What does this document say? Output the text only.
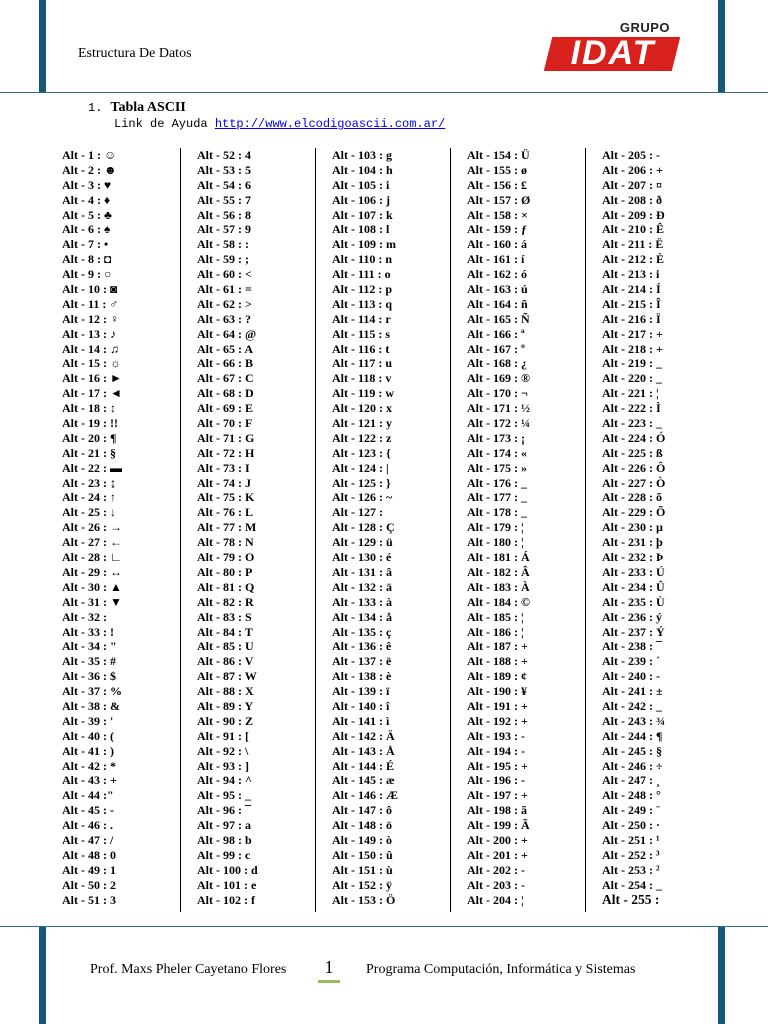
Estructura De Datos
GRUPO
IDAT
1. Tabla ASCII
Link de Ayuda http://www.elcodigoascii.com.ar/
Alt - 1 : ☺
Alt - 2 : ☻
Alt - 3 : ♥
Alt - 4 : ♦
Alt - 5 : ♣
Alt - 6 : ♠
Alt - 7 : •
Alt - 8 : ◘
Alt - 9 : ○
Alt - 10 : ◙
Alt - 11 : ♂
Alt - 12 : ♀
Alt - 13 : ♪
Alt - 14 : ♫
Alt - 15 : ☼
Alt - 16 : ►
Alt - 17 : ◄
Alt - 18 : ↕
Alt - 19 : !!
Alt - 20 : ¶
Alt - 21 : §
Alt - 22 : ▬
Alt - 23 : ↨
Alt - 24 : ↑
Alt - 25 : ↓
Alt - 26 : →
Alt - 27 : ←
Alt - 28 : ∟
Alt - 29 : ↔
Alt - 30 : ▲
Alt - 31 : ▼
Alt - 32 :
Alt - 33 : !
Alt - 34 : "
Alt - 35 : #
Alt - 36 : $
Alt - 37 : %
Alt - 38 : &
Alt - 39 : '
Alt - 40 : (
Alt - 41 : )
Alt - 42 : *
Alt - 43 : +
Alt - 44 :"
Alt - 45 : -
Alt - 46 : .
Alt - 47 : /
Alt - 48 : 0
Alt - 49 : 1
Alt - 50 : 2
Alt - 51 : 3
Alt - 52 : 4
Alt - 53 : 5
Alt - 54 : 6
Alt - 55 : 7
Alt - 56 : 8
Alt - 57 : 9
Alt - 58 : :
Alt - 59 : ;
Alt - 60 : <
Alt - 61 : =
Alt - 62 : >
Alt - 63 : ?
Alt - 64 : @
Alt - 65 : A
Alt - 66 : B
Alt - 67 : C
Alt - 68 : D
Alt - 69 : E
Alt - 70 : F
Alt - 71 : G
Alt - 72 : H
Alt - 73 : I
Alt - 74 : J
Alt - 75 : K
Alt - 76 : L
Alt - 77 : M
Alt - 78 : N
Alt - 79 : O
Alt - 80 : P
Alt - 81 : Q
Alt - 82 : R
Alt - 83 : S
Alt - 84 : T
Alt - 85 : U
Alt - 86 : V
Alt - 87 : W
Alt - 88 : X
Alt - 89 : Y
Alt - 90 : Z
Alt - 91 : [
Alt - 92 : \
Alt - 93 : ]
Alt - 94 : ^
Alt - 95 : _
Alt - 96 : ¯
Alt - 97 : a
Alt - 98 : b
Alt - 99 : c
Alt - 100 : d
Alt - 101 : e
Alt - 102 : f
Alt - 103 : g
Alt - 104 : h
Alt - 105 : i
Alt - 106 : j
Alt - 107 : k
Alt - 108 : l
Alt - 109 : m
Alt - 110 : n
Alt - 111 : o
Alt - 112 : p
Alt - 113 : q
Alt - 114 : r
Alt - 115 : s
Alt - 116 : t
Alt - 117 : u
Alt - 118 : v
Alt - 119 : w
Alt - 120 : x
Alt - 121 : y
Alt - 122 : z
Alt - 123 : {
Alt - 124 : |
Alt - 125 : }
Alt - 126 : ~
Alt - 127 :
Alt - 128 : Ç
Alt - 129 : ü
Alt - 130 : é
Alt - 131 : â
Alt - 132 : ä
Alt - 133 : à
Alt - 134 : å
Alt - 135 : ç
Alt - 136 : ê
Alt - 137 : ë
Alt - 138 : è
Alt - 139 : ï
Alt - 140 : î
Alt - 141 : ì
Alt - 142 : Ä
Alt - 143 : Å
Alt - 144 : É
Alt - 145 : æ
Alt - 146 : Æ
Alt - 147 : ô
Alt - 148 : ö
Alt - 149 : ò
Alt - 150 : û
Alt - 151 : ù
Alt - 152 : ÿ
Alt - 153 : Ö
Alt - 154 : Ü
Alt - 155 : ø
Alt - 156 : £
Alt - 157 : Ø
Alt - 158 : ×
Alt - 159 : ƒ
Alt - 160 : á
Alt - 161 : í
Alt - 162 : ó
Alt - 163 : ú
Alt - 164 : ñ
Alt - 165 : Ñ
Alt - 166 : ª
Alt - 167 : º
Alt - 168 : ¿
Alt - 169 : ®
Alt - 170 : ¬
Alt - 171 : ½
Alt - 172 : ¼
Alt - 173 : ¡
Alt - 174 : «
Alt - 175 : »
Alt - 176 : _
Alt - 177 : _
Alt - 178 : _
Alt - 179 : ¦
Alt - 180 : ¦
Alt - 181 : Á
Alt - 182 : Â
Alt - 183 : À
Alt - 184 : ©
Alt - 185 : ¦
Alt - 186 : ¦
Alt - 187 : +
Alt - 188 : +
Alt - 189 : ¢
Alt - 190 : ¥
Alt - 191 : +
Alt - 192 : +
Alt - 193 : -
Alt - 194 : -
Alt - 195 : +
Alt - 196 : -
Alt - 197 : +
Alt - 198 : ã
Alt - 199 : Ã
Alt - 200 : +
Alt - 201 : +
Alt - 202 : -
Alt - 203 : -
Alt - 204 : ¦
Alt - 205 : -
Alt - 206 : +
Alt - 207 : ¤
Alt - 208 : ð
Alt - 209 : Ð
Alt - 210 : Ê
Alt - 211 : Ë
Alt - 212 : È
Alt - 213 : i
Alt - 214 : Í
Alt - 215 : Î
Alt - 216 : Ï
Alt - 217 : +
Alt - 218 : +
Alt - 219 : _
Alt - 220 : _
Alt - 221 : ¦
Alt - 222 : Ì
Alt - 223 : _
Alt - 224 : Ó
Alt - 225 : ß
Alt - 226 : Ô
Alt - 227 : Ò
Alt - 228 : õ
Alt - 229 : Õ
Alt - 230 : µ
Alt - 231 : þ
Alt - 232 : Þ
Alt - 233 : Ú
Alt - 234 : Û
Alt - 235 : Ù
Alt - 236 : ý
Alt - 237 : Ý
Alt - 238 : ¯
Alt - 239 : ´
Alt - 240 : -
Alt - 241 : ±
Alt - 242 : _
Alt - 243 : ¾
Alt - 244 : ¶
Alt - 245 : §
Alt - 246 : ÷
Alt - 247 : ¸
Alt - 248 : °
Alt - 249 : ¨
Alt - 250 : ·
Alt - 251 : ¹
Alt - 252 : ³
Alt - 253 : ²
Alt - 254 : _
Alt - 255 :
Prof. Maxs Pheler Cayetano Flores	1	Programa Computación, Informática y Sistemas
